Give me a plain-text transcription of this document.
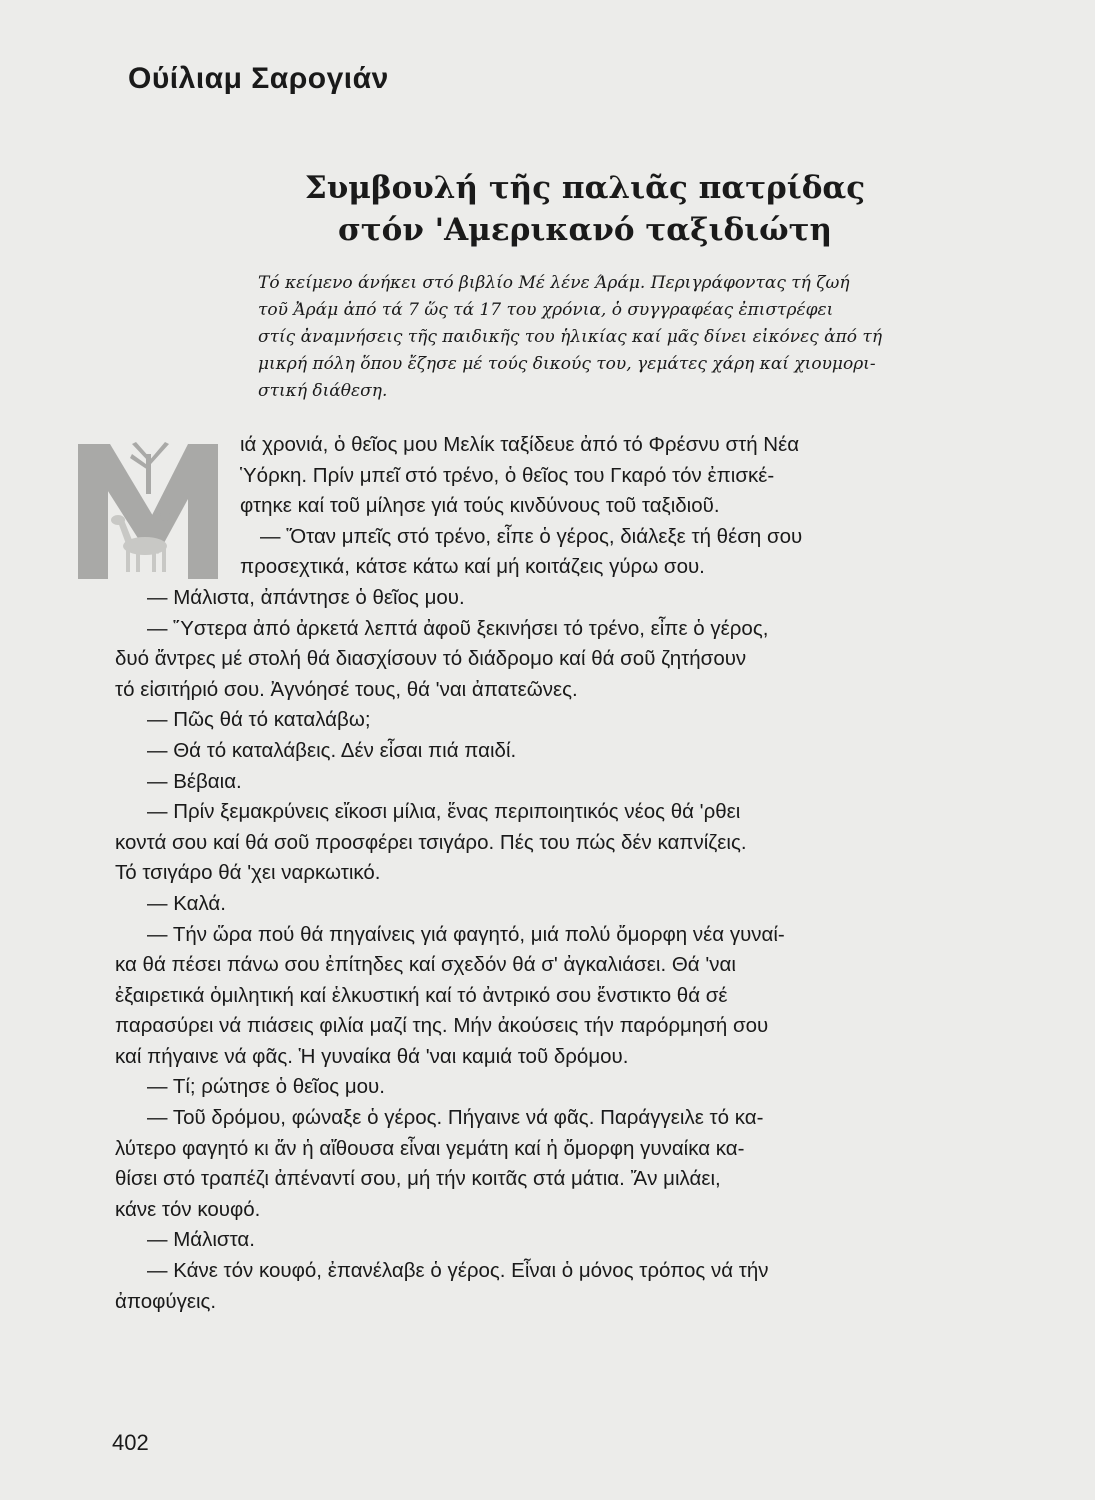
Ούίλιαμ Σαρογιάν
Συμβουλή τῆς παλιᾶς πατρίδας
στόν 'Αμερικανό ταξιδιώτη
Τό κείμενο άνήκει στό βιβλίο Μέ λένε Άράμ. Περιγράφοντας τή ζωή
τοῦ Ἀράμ ἀπό τά 7 ὥς τά 17 του χρόνια, ὁ συγγραφέας ἐπιστρέφει
στίς ἀναμνήσεις τῆς παιδικῆς του ἡλικίας καί μᾶς δίνει εἰκόνες ἀπό τή
μικρή πόλη ὅπου ἔζησε μέ τούς δικούς του, γεμάτες χάρη καί χιουμορι-
στική διάθεση.
ιά χρονιά, ὁ θεῖος μου Μελίκ ταξίδευε ἀπό τό Φρέσνυ στή Νέα
Ὑόρκη. Πρίν μπεῖ στό τρένο, ὁ θεῖος του Γκαρό τόν ἐπισκέ-
φτηκε καί τοῦ μίλησε γιά τούς κινδύνους τοῦ ταξιδιοῦ.
— Ὅταν μπεῖς στό τρένο, εἶπε ὁ γέρος, διάλεξε τή θέση σου
προσεχτικά, κάτσε κάτω καί μή κοιτάζεις γύρω σου.
— Μάλιστα, ἀπάντησε ὁ θεῖος μου.
— Ὕστερα ἀπό ἀρκετά λεπτά ἀφοῦ ξεκινήσει τό τρένο, εἶπε ὁ γέρος,
δυό ἄντρες μέ στολή θά διασχίσουν τό διάδρομο καί θά σοῦ ζητήσουν
τό εἰσιτήριό σου. Ἀγνόησέ τους, θά 'ναι ἀπατεῶνες.
— Πῶς θά τό καταλάβω;
— Θά τό καταλάβεις. Δέν εἶσαι πιά παιδί.
— Βέβαια.
— Πρίν ξεμακρύνεις εἴκοσι μίλια, ἕνας περιποιητικός νέος θά 'ρθει
κοντά σου καί θά σοῦ προσφέρει τσιγάρο. Πές του πώς δέν καπνίζεις.
Τό τσιγάρο θά 'χει ναρκωτικό.
— Καλά.
— Τήν ὥρα πού θά πηγαίνεις γιά φαγητό, μιά πολύ ὄμορφη νέα γυναί-
κα θά πέσει πάνω σου ἐπίτηδες καί σχεδόν θά σ' ἀγκαλιάσει. Θά 'ναι
ἐξαιρετικά ὁμιλητική καί ἑλκυστική καί τό ἀντρικό σου ἔνστικτο θά σέ
παρασύρει νά πιάσεις φιλία μαζί της. Μήν ἀκούσεις τήν παρόρμησή σου
καί πήγαινε νά φᾶς. Ἡ γυναίκα θά 'ναι καμιά τοῦ δρόμου.
— Τί; ρώτησε ὁ θεῖος μου.
— Τοῦ δρόμου, φώναξε ὁ γέρος. Πήγαινε νά φᾶς. Παράγγειλε τό κα-
λύτερο φαγητό κι ἄν ἡ αἴθουσα εἶναι γεμάτη καί ἡ ὄμορφη γυναίκα κα-
θίσει στό τραπέζι ἀπέναντί σου, μή τήν κοιτᾶς στά μάτια. Ἄν μιλάει,
κάνε τόν κουφό.
— Μάλιστα.
— Κάνε τόν κουφό, ἐπανέλαβε ὁ γέρος. Εἶναι ὁ μόνος τρόπος νά τήν
ἀποφύγεις.
402
